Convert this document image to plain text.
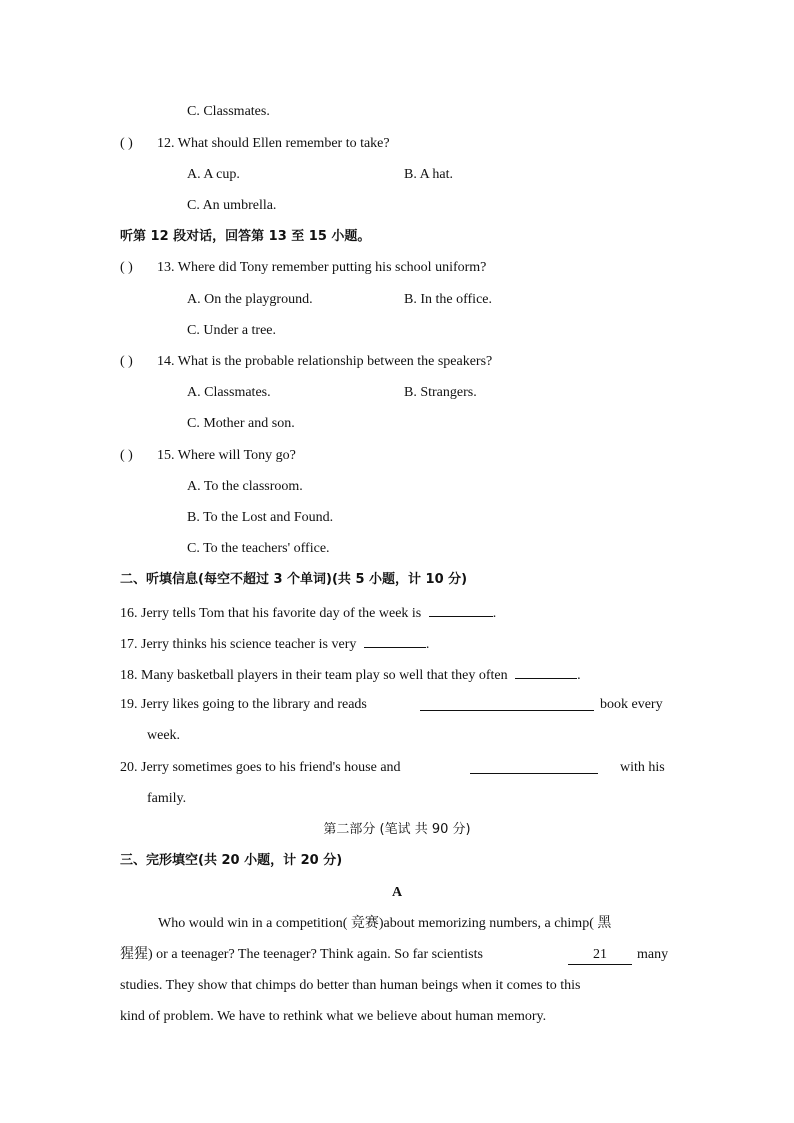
C. Classmates.
( ) 12. What should Ellen remember to take?
A. A cup.	B. A hat.
C. An umbrella.
听第 12 段对话，回答第 13 至 15 小题。
( ) 13. Where did Tony remember putting his school uniform?
A. On the playground.	B. In the office.
C. Under a tree.
( ) 14. What is the probable relationship between the speakers?
A. Classmates.	B. Strangers.
C. Mother and son.
( ) 15. Where will Tony go?
A. To the classroom.
B. To the Lost and Found.
C. To the teachers' office.
二、听填信息(每空不超过 3 个单词)(共 5 小题，计 10 分)
16. Jerry tells Tom that his favorite day of the week is	.
17. Jerry thinks his science teacher is very	.
18. Many basketball players in their team play so well that they often	.
19. Jerry likes going to the library and reads	book every
week.
20. Jerry sometimes goes to his friend's house and	with his
family.
第二部分 (笔试 共 90 分)
三、完形填空(共 20 小题，计 20 分)
A
Who would win in a competition( 竞赛)about memorizing numbers, a chimp( 黑
猩猩) or a teenager? The teenager? Think again. So far scientists	21	many
studies. They show that chimps do better than human beings when it comes to this
kind of problem. We have to rethink what we believe about human memory.
